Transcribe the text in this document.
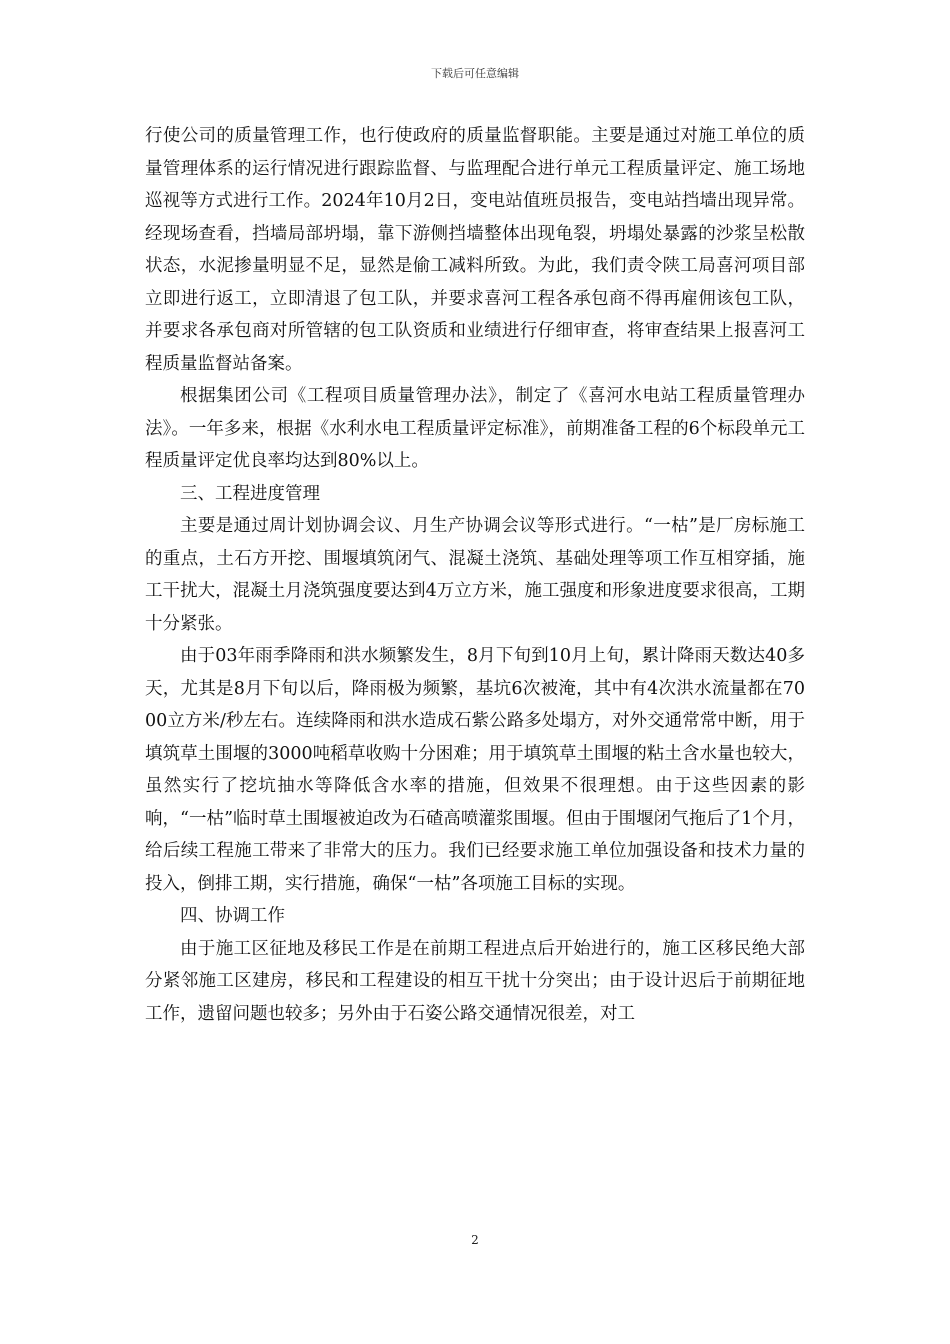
下载后可任意编辑

行使公司的质量管理工作，也行使政府的质量监督职能。主要是通过对施工单位的质量管理体系的运行情况进行跟踪监督、与监理配合进行单元工程质量评定、施工场地巡视等方式进行工作。2024年10月2日，变电站值班员报告，变电站挡墙出现异常。经现场查看，挡墙局部坍塌，靠下游侧挡墙整体出现龟裂，坍塌处暴露的沙浆呈松散状态，水泥掺量明显不足，显然是偷工减料所致。为此，我们责令陕工局喜河项目部立即进行返工，立即清退了包工队，并要求喜河工程各承包商不得再雇佣该包工队，并要求各承包商对所管辖的包工队资质和业绩进行仔细审查，将审查结果上报喜河工程质量监督站备案。

根据集团公司《工程项目质量管理办法》，制定了《喜河水电站工程质量管理办法》。一年多来，根据《水利水电工程质量评定标准》，前期准备工程的6个标段单元工程质量评定优良率均达到80%以上。

三、工程进度管理

主要是通过周计划协调会议、月生产协调会议等形式进行。“一枯”是厂房标施工的重点，土石方开挖、围堰填筑闭气、混凝土浇筑、基础处理等项工作互相穿插，施工干扰大，混凝土月浇筑强度要达到4万立方米，施工强度和形象进度要求很高，工期十分紧张。

由于03年雨季降雨和洪水频繁发生，8月下旬到10月上旬，累计降雨天数达40多天，尤其是8月下旬以后，降雨极为频繁，基坑6次被淹，其中有4次洪水流量都在7000立方米/秒左右。连续降雨和洪水造成石紫公路多处塌方，对外交通常常中断，用于填筑草土围堰的3000吨稻草收购十分困难；用于填筑草土围堰的粘土含水量也较大，虽然实行了挖坑抽水等降低含水率的措施，但效果不很理想。由于这些因素的影响，“一枯”临时草土围堰被迫改为石碴高喷灌浆围堰。但由于围堰闭气拖后了1个月，给后续工程施工带来了非常大的压力。我们已经要求施工单位加强设备和技术力量的投入，倒排工期，实行措施，确保“一枯”各项施工目标的实现。

四、协调工作

由于施工区征地及移民工作是在前期工程进点后开始进行的，施工区移民绝大部分紧邻施工区建房，移民和工程建设的相互干扰十分突出；由于设计迟后于前期征地工作，遗留问题也较多；另外由于石姿公路交通情况很差，对工

2
